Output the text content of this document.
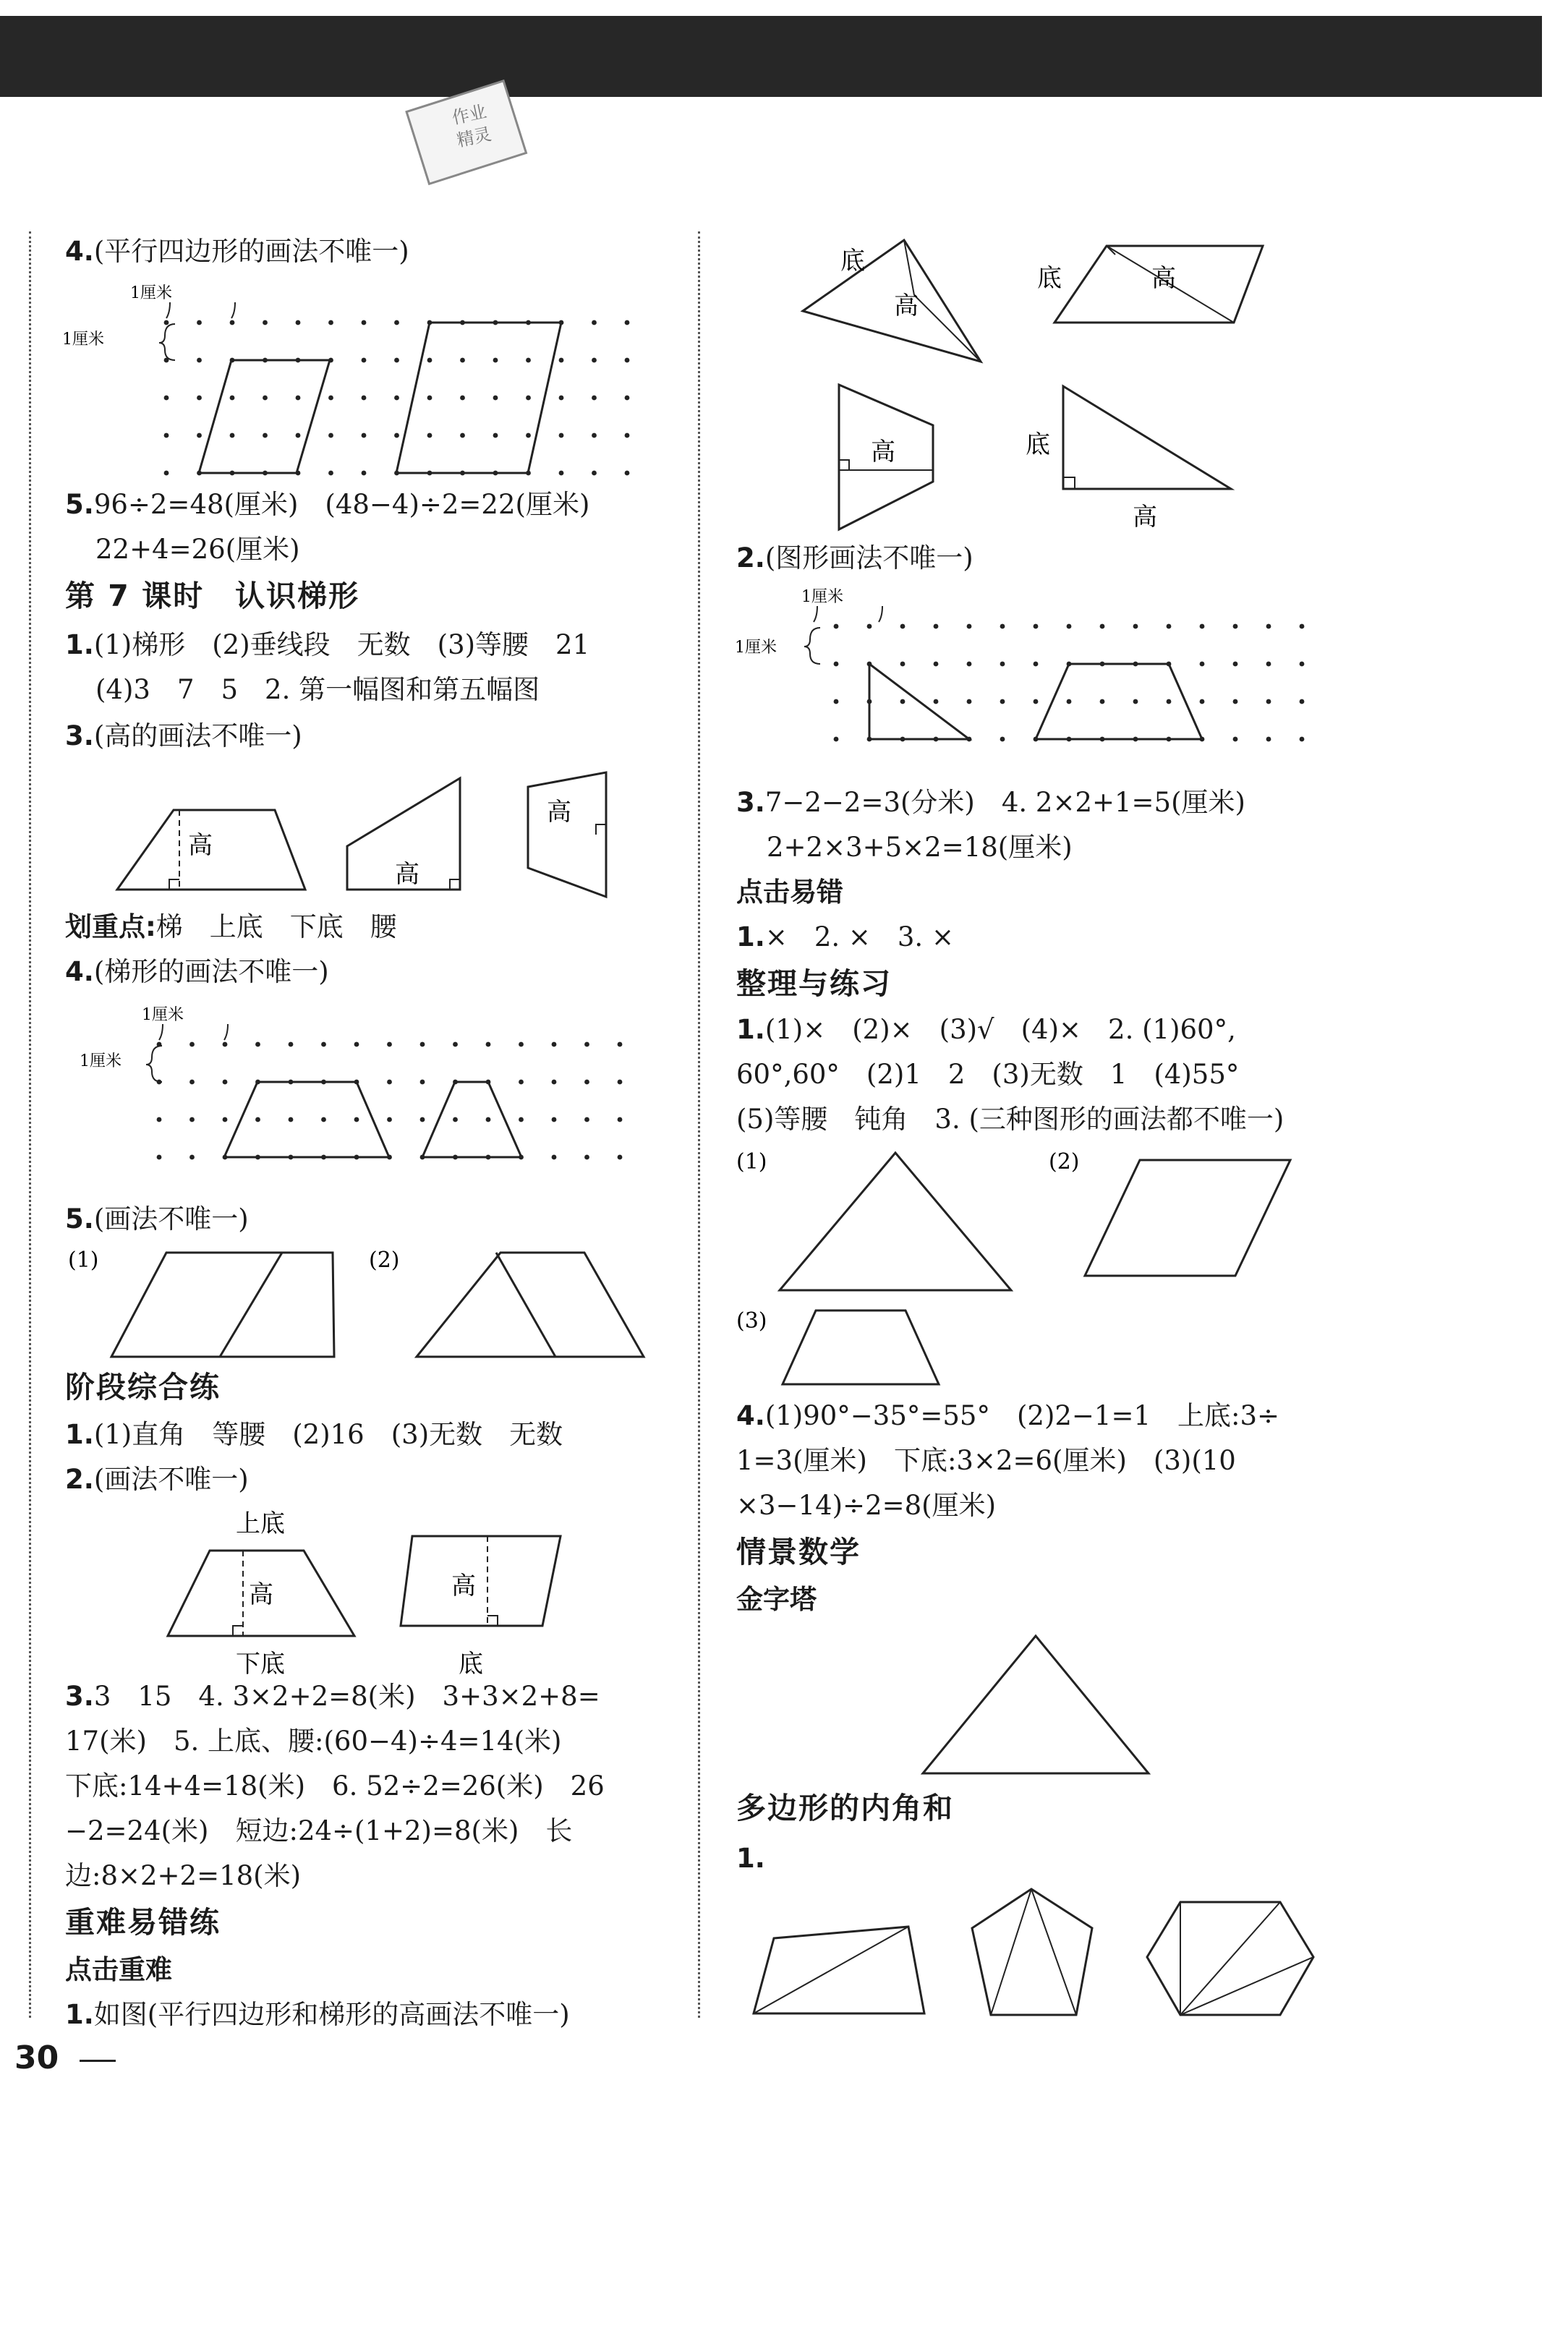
作业
精灵
4.(平行四边形的画法不唯一)
5.96÷2=48(厘米)　(48−4)÷2=22(厘米)
22+4=26(厘米)
第 7 课时　认识梯形
1.(1)梯形　(2)垂线段　无数　(3)等腰　21
(4)3　7　5　2. 第一幅图和第五幅图
3.(高的画法不唯一)
划重点:梯　上底　下底　腰
4.(梯形的画法不唯一)
5.(画法不唯一)
阶段综合练
1.(1)直角　等腰　(2)16　(3)无数　无数
2.(画法不唯一)
3.3　15　4. 3×2+2=8(米)　3+3×2+8=
17(米)　5. 上底、腰:(60−4)÷4=14(米)
下底:14+4=18(米)　6. 52÷2=26(米)　26
−2=24(米)　短边:24÷(1+2)=8(米)　长
边:8×2+2=18(米)
重难易错练
点击重难
1.如图(平行四边形和梯形的高画法不唯一)
2.(图形画法不唯一)
3.7−2−2=3(分米)　4. 2×2+1=5(厘米)
2+2×3+5×2=18(厘米)
点击易错
1.×　2. ×　3. ×
整理与练习
1.(1)×　(2)×　(3)√　(4)×　2. (1)60°,
60°,60°　(2)1　2　(3)无数　1　(4)55°
(5)等腰　钝角　3. (三种图形的画法都不唯一)
4.(1)90°−35°=55°　(2)2−1=1　上底:3÷
1=3(厘米)　下底:3×2=6(厘米)　(3)(10
×3−14)÷2=8(厘米)
情景数学
金字塔
多边形的内角和
1.
1厘米
1厘米
高
高
高
1厘米
1厘米
(1)	(2)
上底
高
下底
高
底
底
高
底	高
高	底
高
1厘米
1厘米
(1)	(2)
(3)
30
